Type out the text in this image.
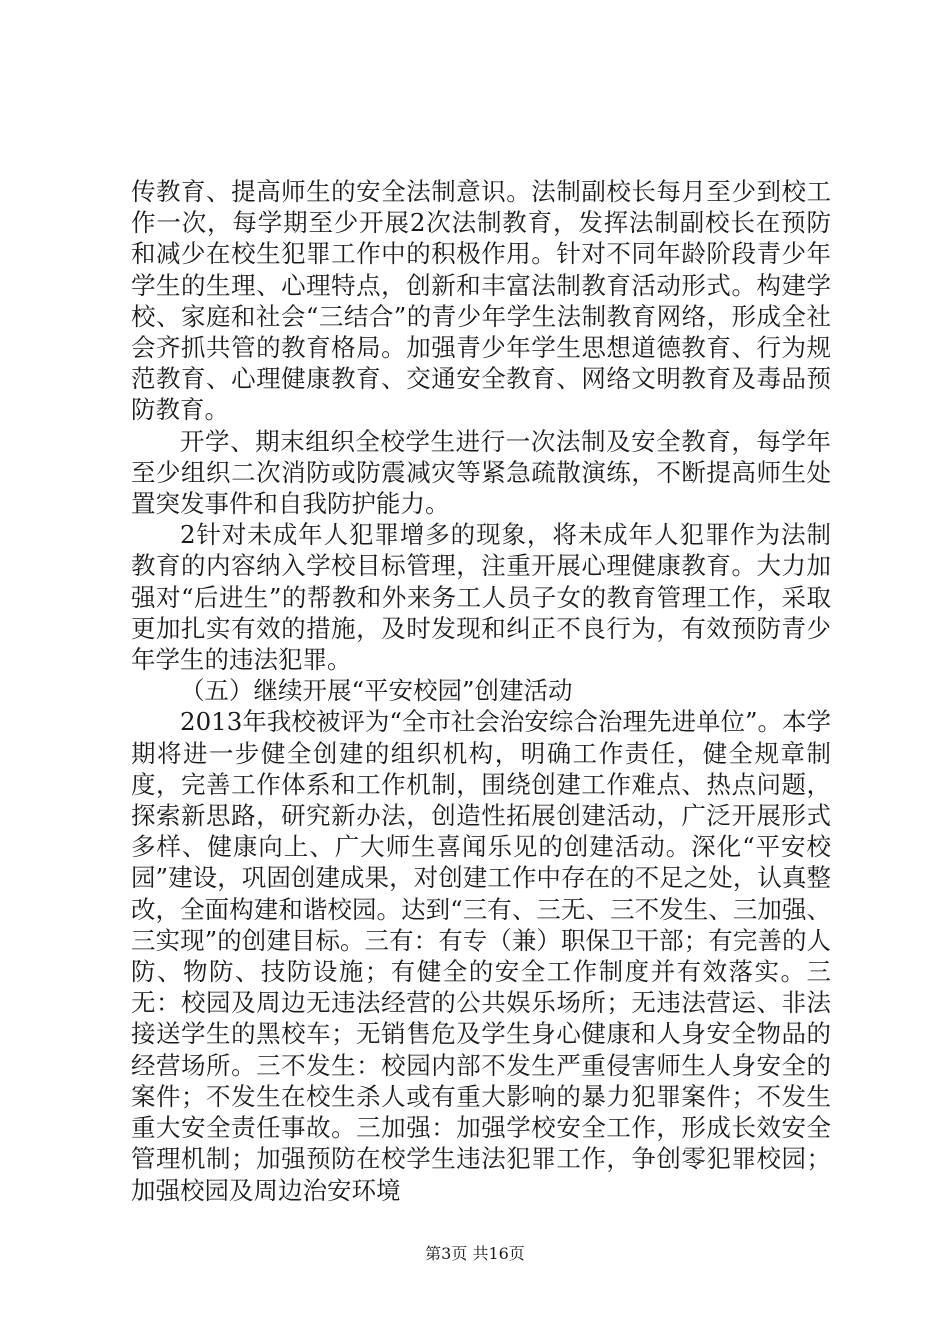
传教育、提高师生的安全法制意识。法制副校长每月至少到校工作一次，每学期至少开展2次法制教育，发挥法制副校长在预防和减少在校生犯罪工作中的积极作用。针对不同年龄阶段青少年学生的生理、心理特点，创新和丰富法制教育活动形式。构建学校、家庭和社会“三结合”的青少年学生法制教育网络，形成全社会齐抓共管的教育格局。加强青少年学生思想道德教育、行为规范教育、心理健康教育、交通安全教育、网络文明教育及毒品预防教育。

开学、期末组织全校学生进行一次法制及安全教育，每学年至少组织二次消防或防震减灾等紧急疏散演练，不断提高师生处置突发事件和自我防护能力。

2针对未成年人犯罪增多的现象，将未成年人犯罪作为法制教育的内容纳入学校目标管理，注重开展心理健康教育。大力加强对“后进生”的帮教和外来务工人员子女的教育管理工作，采取更加扎实有效的措施，及时发现和纠正不良行为，有效预防青少年学生的违法犯罪。

（五）继续开展“平安校园”创建活动

2013年我校被评为“全市社会治安综合治理先进单位”。本学期将进一步健全创建的组织机构，明确工作责任，健全规章制度，完善工作体系和工作机制，围绕创建工作难点、热点问题，探索新思路，研究新办法，创造性拓展创建活动，广泛开展形式多样、健康向上、广大师生喜闻乐见的创建活动。深化“平安校园”建设，巩固创建成果，对创建工作中存在的不足之处，认真整改，全面构建和谐校园。达到“三有、三无、三不发生、三加强、三实现”的创建目标。三有：有专（兼）职保卫干部；有完善的人防、物防、技防设施；有健全的安全工作制度并有效落实。三无：校园及周边无违法经营的公共娱乐场所；无违法营运、非法接送学生的黑校车；无销售危及学生身心健康和人身安全物品的经营场所。三不发生：校园内部不发生严重侵害师生人身安全的案件；不发生在校生杀人或有重大影响的暴力犯罪案件；不发生重大安全责任事故。三加强：加强学校安全工作，形成长效安全管理机制；加强预防在校学生违法犯罪工作，争创零犯罪校园；加强校园及周边治安环境

第3页 共16页
